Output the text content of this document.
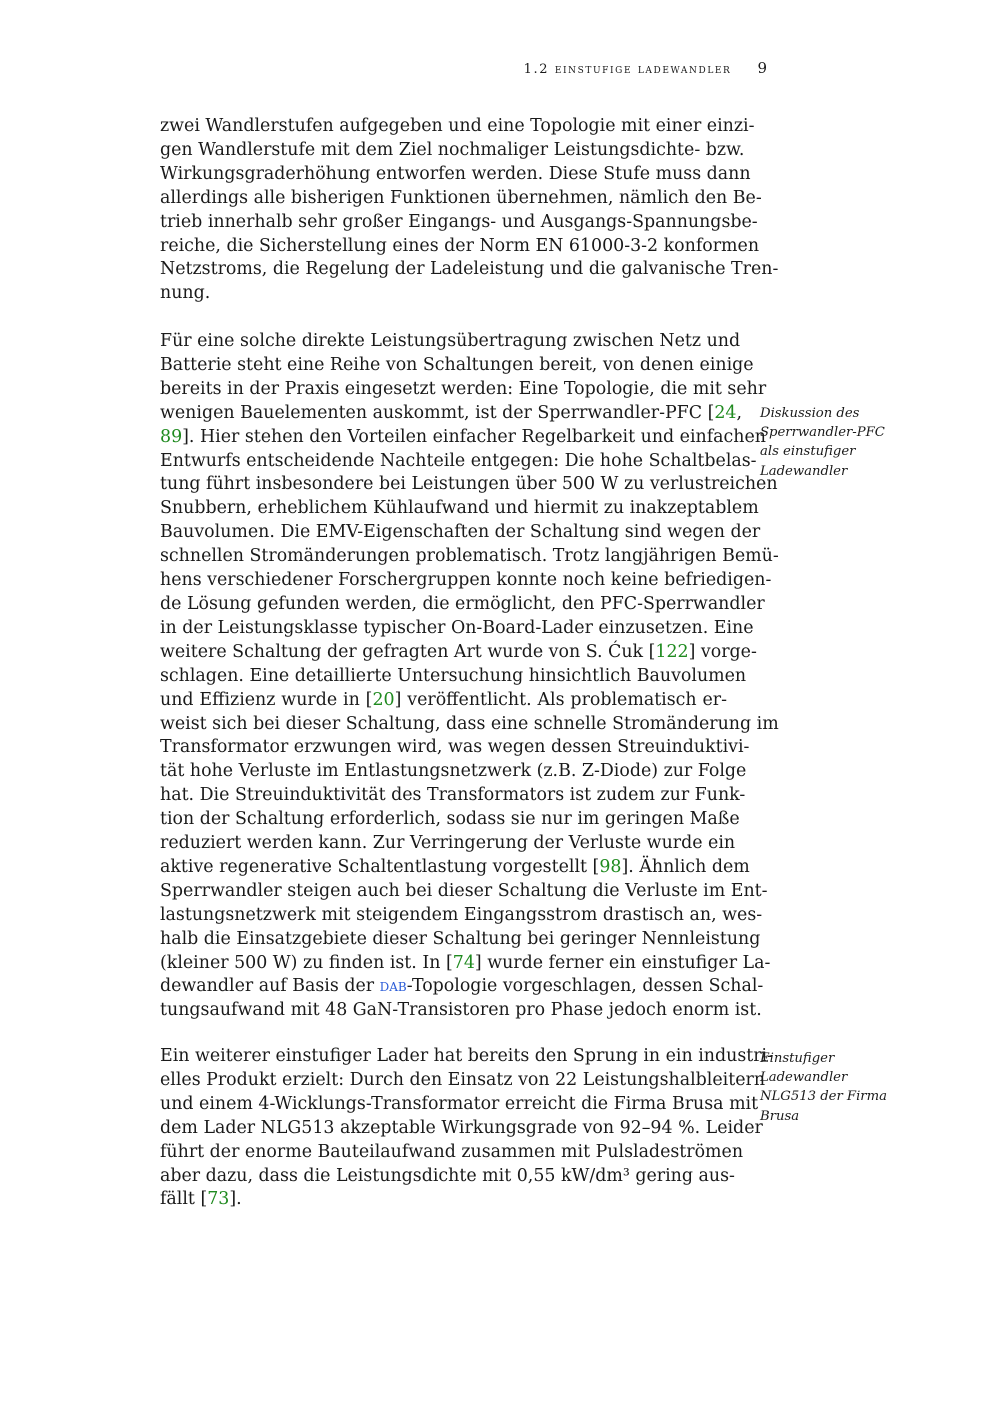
1.2 einstufige ladewandler 9
zwei Wandlerstufen aufgegeben und eine Topologie mit einer einzi-
gen Wandlerstufe mit dem Ziel nochmaliger Leistungsdichte- bzw.
Wirkungsgraderhöhung entworfen werden. Diese Stufe muss dann
allerdings alle bisherigen Funktionen übernehmen, nämlich den Be-
trieb innerhalb sehr großer Eingangs- und Ausgangs-Spannungsbe-
reiche, die Sicherstellung eines der Norm EN 61000-3-2 konformen
Netzstroms, die Regelung der Ladeleistung und die galvanische Tren-
nung.
Für eine solche direkte Leistungsübertragung zwischen Netz und
Batterie steht eine Reihe von Schaltungen bereit, von denen einige
bereits in der Praxis eingesetzt werden: Eine Topologie, die mit sehr
wenigen Bauelementen auskommt, ist der Sperrwandler-PFC [24,
89]. Hier stehen den Vorteilen einfacher Regelbarkeit und einfachen
Entwurfs entscheidende Nachteile entgegen: Die hohe Schaltbelas-
tung führt insbesondere bei Leistungen über 500 W zu verlustreichen
Snubbern, erheblichem Kühlaufwand und hiermit zu inakzeptablem
Bauvolumen. Die EMV-Eigenschaften der Schaltung sind wegen der
schnellen Stromänderungen problematisch. Trotz langjährigen Bemü-
hens verschiedener Forschergruppen konnte noch keine befriedigen-
de Lösung gefunden werden, die ermöglicht, den PFC-Sperrwandler
in der Leistungsklasse typischer On-Board-Lader einzusetzen. Eine
weitere Schaltung der gefragten Art wurde von S. Ćuk [122] vorge-
schlagen. Eine detaillierte Untersuchung hinsichtlich Bauvolumen
und Effizienz wurde in [20] veröffentlicht. Als problematisch er-
weist sich bei dieser Schaltung, dass eine schnelle Stromänderung im
Transformator erzwungen wird, was wegen dessen Streuinduktivi-
tät hohe Verluste im Entlastungsnetzwerk (z.B. Z-Diode) zur Folge
hat. Die Streuinduktivität des Transformators ist zudem zur Funk-
tion der Schaltung erforderlich, sodass sie nur im geringen Maße
reduziert werden kann. Zur Verringerung der Verluste wurde ein
aktive regenerative Schaltentlastung vorgestellt [98]. Ähnlich dem
Sperrwandler steigen auch bei dieser Schaltung die Verluste im Ent-
lastungsnetzwerk mit steigendem Eingangsstrom drastisch an, wes-
halb die Einsatzgebiete dieser Schaltung bei geringer Nennleistung
(kleiner 500 W) zu finden ist. In [74] wurde ferner ein einstufiger La-
dewandler auf Basis der dab-Topologie vorgeschlagen, dessen Schal-
tungsaufwand mit 48 GaN-Transistoren pro Phase jedoch enorm ist.
Ein weiterer einstufiger Lader hat bereits den Sprung in ein industri-
elles Produkt erzielt: Durch den Einsatz von 22 Leistungshalbleitern
und einem 4-Wicklungs-Transformator erreicht die Firma Brusa mit
dem Lader NLG513 akzeptable Wirkungsgrade von 92–94 %. Leider
führt der enorme Bauteilaufwand zusammen mit Pulsladeströmen
aber dazu, dass die Leistungsdichte mit 0,55 kW/dm³ gering aus-
fällt [73].
Diskussion des
Sperrwandler-PFC
als einstufiger
Ladewandler
Einstufiger
Ladewandler
NLG513 der Firma
Brusa
